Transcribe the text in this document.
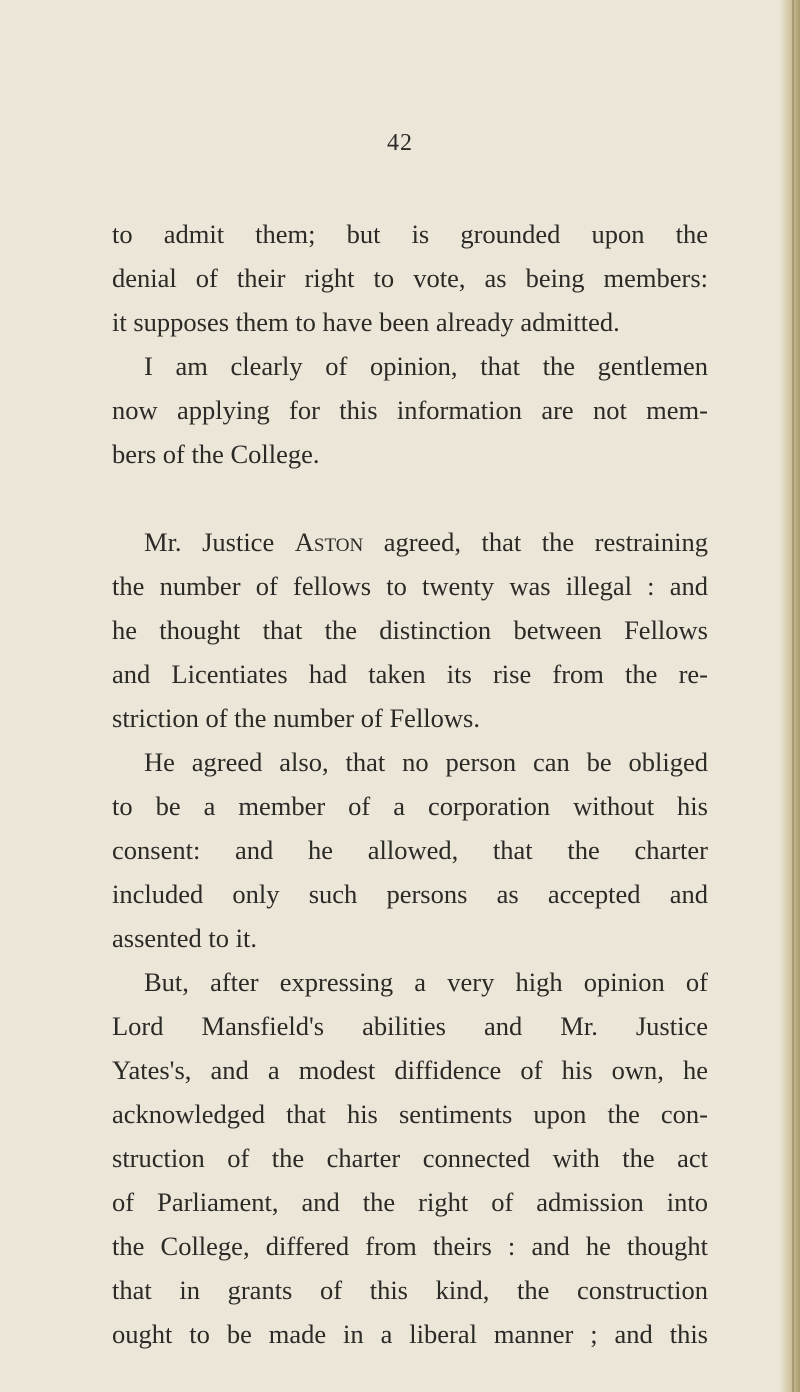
42
to admit them; but is grounded upon the
denial of their right to vote, as being members:
it supposes them to have been already admitted.
I am clearly of opinion, that the gentlemen
now applying for this information are not mem-
bers of the College.
Mr. Justice Aston agreed, that the restraining
the number of fellows to twenty was illegal : and
he thought that the distinction between Fellows
and Licentiates had taken its rise from the re-
striction of the number of Fellows.
He agreed also, that no person can be obliged
to be a member of a corporation without his
consent: and he allowed, that the charter
included only such persons as accepted and
assented to it.
But, after expressing a very high opinion of
Lord Mansfield's abilities and Mr. Justice
Yates's, and a modest diffidence of his own, he
acknowledged that his sentiments upon the con-
struction of the charter connected with the act
of Parliament, and the right of admission into
the College, differed from theirs : and he thought
that in grants of this kind, the construction
ought to be made in a liberal manner ; and this
